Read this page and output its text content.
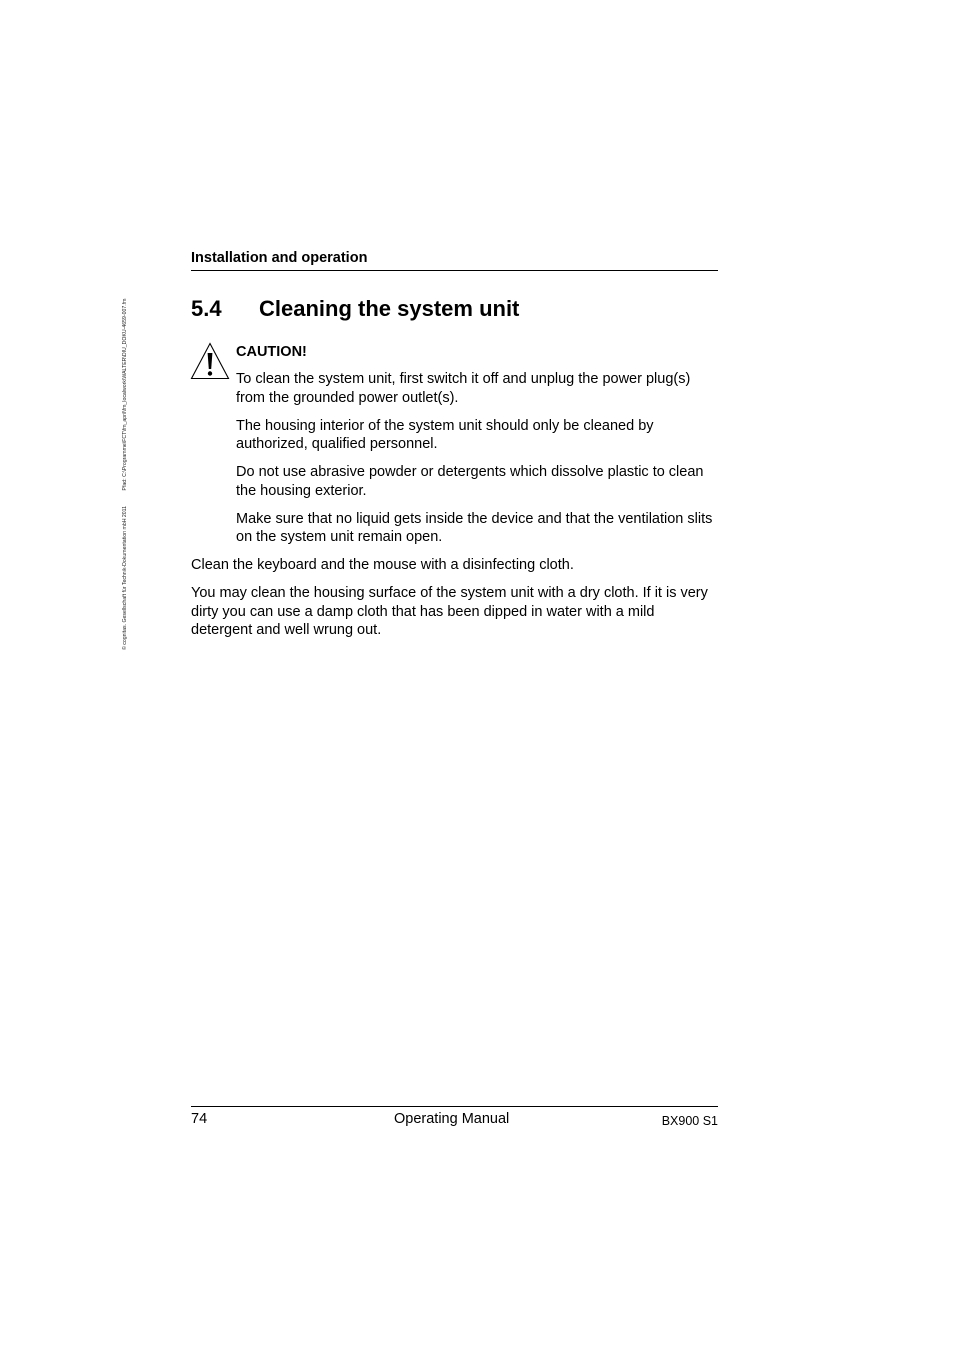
© cognitas. Gesellschaft für Technik-Dokumentation mbH 2011 Pfad: C:\Programme\FCT\fm_april\fm_localwork\WALTER\DIU_DOKU-4659-007.fm
Installation and operation
5.4 Cleaning the system unit
CAUTION!

To clean the system unit, first switch it off and unplug the power plug(s) from the grounded power outlet(s).

The housing interior of the system unit should only be cleaned by authorized, qualified personnel.

Do not use abrasive powder or detergents which dissolve plastic to clean the housing exterior.

Make sure that no liquid gets inside the device and that the ventilation slits on the system unit remain open.

Clean the keyboard and the mouse with a disinfecting cloth.

You may clean the housing surface of the system unit with a dry cloth. If it is very dirty you can use a damp cloth that has been dipped in water with a mild detergent and well wrung out.

74	Operating Manual	BX900 S1
